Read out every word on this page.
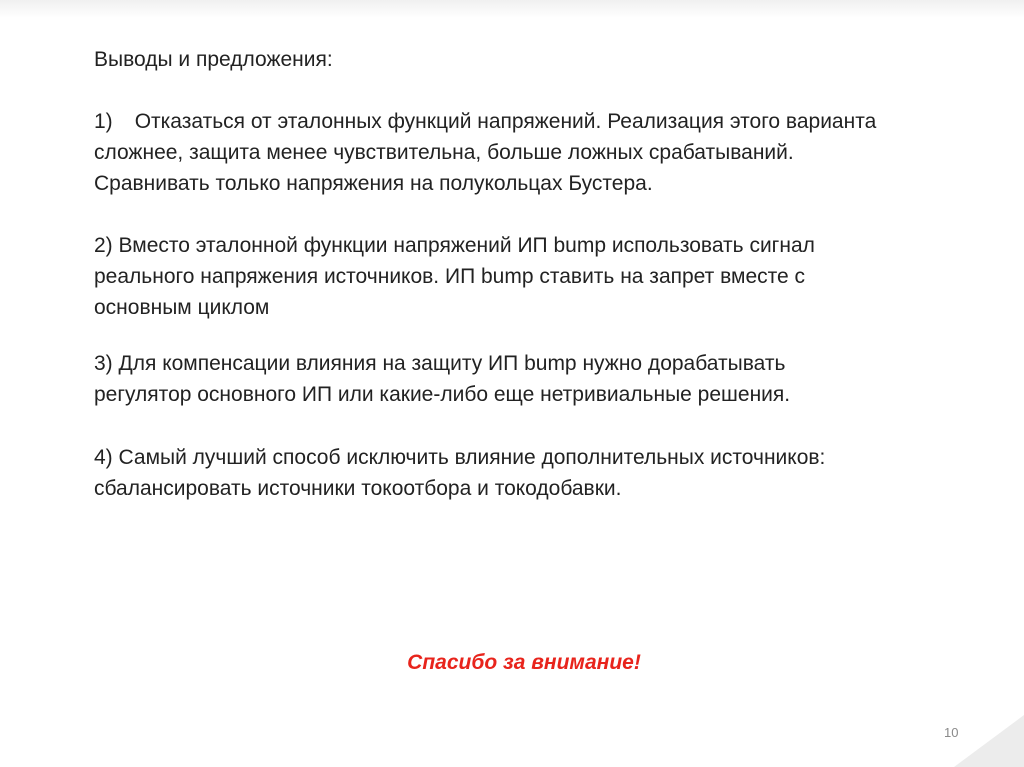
Выводы и предложения:
1) Отказаться от эталонных функций напряжений. Реализация этого варианта
сложнее, защита менее чувствительна, больше ложных срабатываний.
Сравнивать только напряжения на полукольцах Бустера.
2) Вместо эталонной функции напряжений ИП bump использовать сигнал
реального напряжения источников. ИП bump ставить на запрет вместе с
основным циклом
3) Для компенсации влияния на защиту ИП bump нужно дорабатывать
регулятор основного ИП или какие-либо еще нетривиальные решения.
4) Самый лучший способ исключить влияние дополнительных источников:
сбалансировать источники токоотбора и токодобавки.
Спасибо за внимание!
10
